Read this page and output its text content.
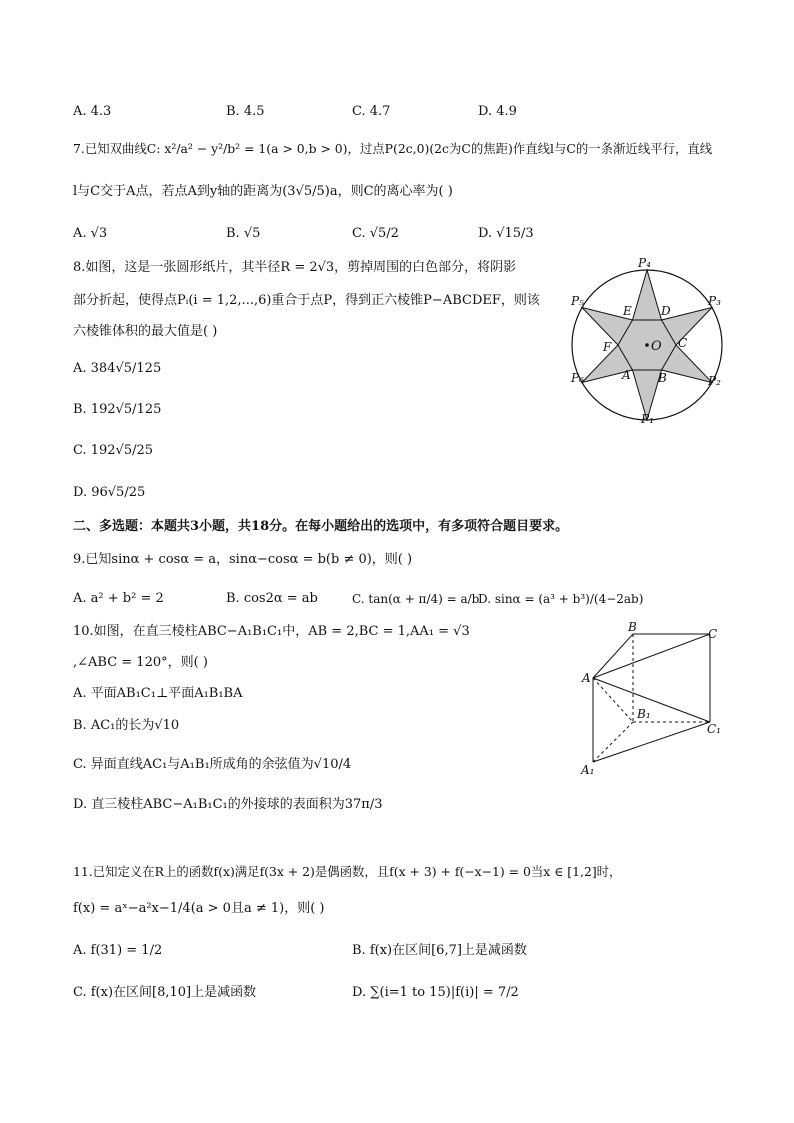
A. 4.3	B. 4.5	C. 4.7	D. 4.9
7.已知双曲线C: x²/a² − y²/b² = 1(a > 0,b > 0)，过点P(2c,0)(2c为C的焦距)作直线l与C的一条渐近线平行，直线
l与C交于A点，若点A到y轴的距离为(3√5/5)a，则C的离心率为( )
A. √3	B. √5	C. √5/2	D. √15/3
8.如图，这是一张圆形纸片，其半径R = 2√3，剪掉周围的白色部分，将阴影
部分折起，使得点Pᵢ(i = 1,2,...,6)重合于点P，得到正六棱锥P−ABCDEF，则该
六棱锥体积的最大值是( )
A. 384√5/125
B. 192√5/125
C. 192√5/25
D. 96√5/25
O
P₄
P₃
P₂
P₁
P₆
P₅
E D
C
B
A
F
二、多选题：本题共3小题，共18分。在每小题给出的选项中，有多项符合题目要求。
9.已知sinα + cosα = a，sinα−cosα = b(b ≠ 0)，则( )
A. a² + b² = 2	B. cos2α = ab	C. tan(α + π/4) = a/b
D. sinα = (a³ + b³)/(4−2ab)
10.如图，在直三棱柱ABC−A₁B₁C₁中，AB = 2,BC = 1,AA₁ = √3
,∠ABC = 120°，则( )
A. 平面AB₁C₁⊥平面A₁B₁BA
B. AC₁的长为√10
C. 异面直线AC₁与A₁B₁所成角的余弦值为√10/4
D. 直三棱柱ABC−A₁B₁C₁的外接球的表面积为37π/3
B	C
A
B₁
C₁
A₁
11.已知定义在R上的函数f(x)满足f(3x + 2)是偶函数，且f(x + 3) + f(−x−1) = 0当x ∈ [1,2]时，
f(x) = aˣ−a²x−1/4(a > 0且a ≠ 1)，则( )
A. f(31) = 1/2	B. f(x)在区间[6,7]上是减函数
C. f(x)在区间[8,10]上是减函数	D. ∑(i=1 to 15)|f(i)| = 7/2
